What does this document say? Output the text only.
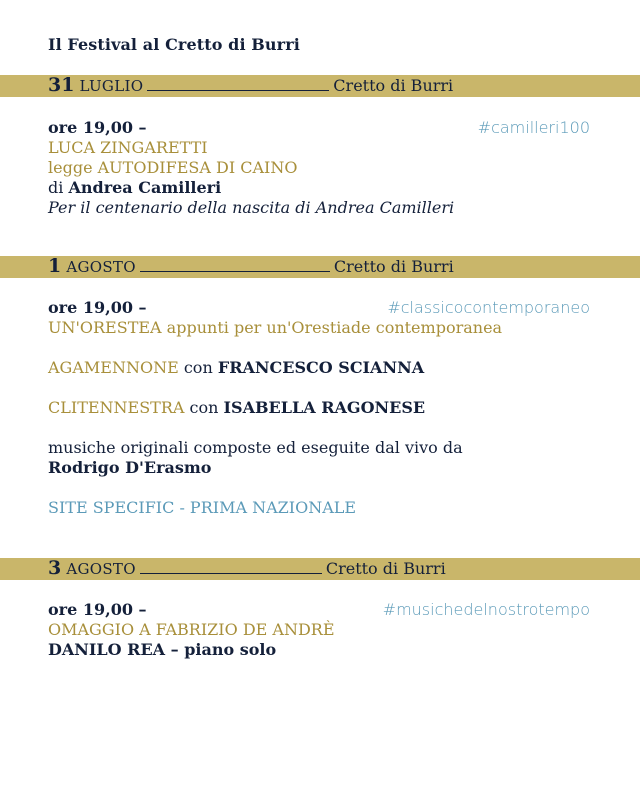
Il Festival al Cretto di Burri
31 LUGLIO	Cretto di Burri
ore 19,00 –	#camilleri100
LUCA ZINGARETTI
legge AUTODIFESA DI CAINO
di Andrea Camilleri
Per il centenario della nascita di Andrea Camilleri
1 AGOSTO	Cretto di Burri
ore 19,00 –	#classicocontemporaneo
UN'ORESTEA appunti per un'Orestiade contemporanea
AGAMENNONE con FRANCESCO SCIANNA
CLITENNESTRA con ISABELLA RAGONESE
musiche originali composte ed eseguite dal vivo da
Rodrigo D'Erasmo
SITE SPECIFIC - PRIMA NAZIONALE
3 AGOSTO	Cretto di Burri
ore 19,00 –	#musichedelnostrotempo
OMAGGIO A FABRIZIO DE ANDRÈ
DANILO REA – piano solo
